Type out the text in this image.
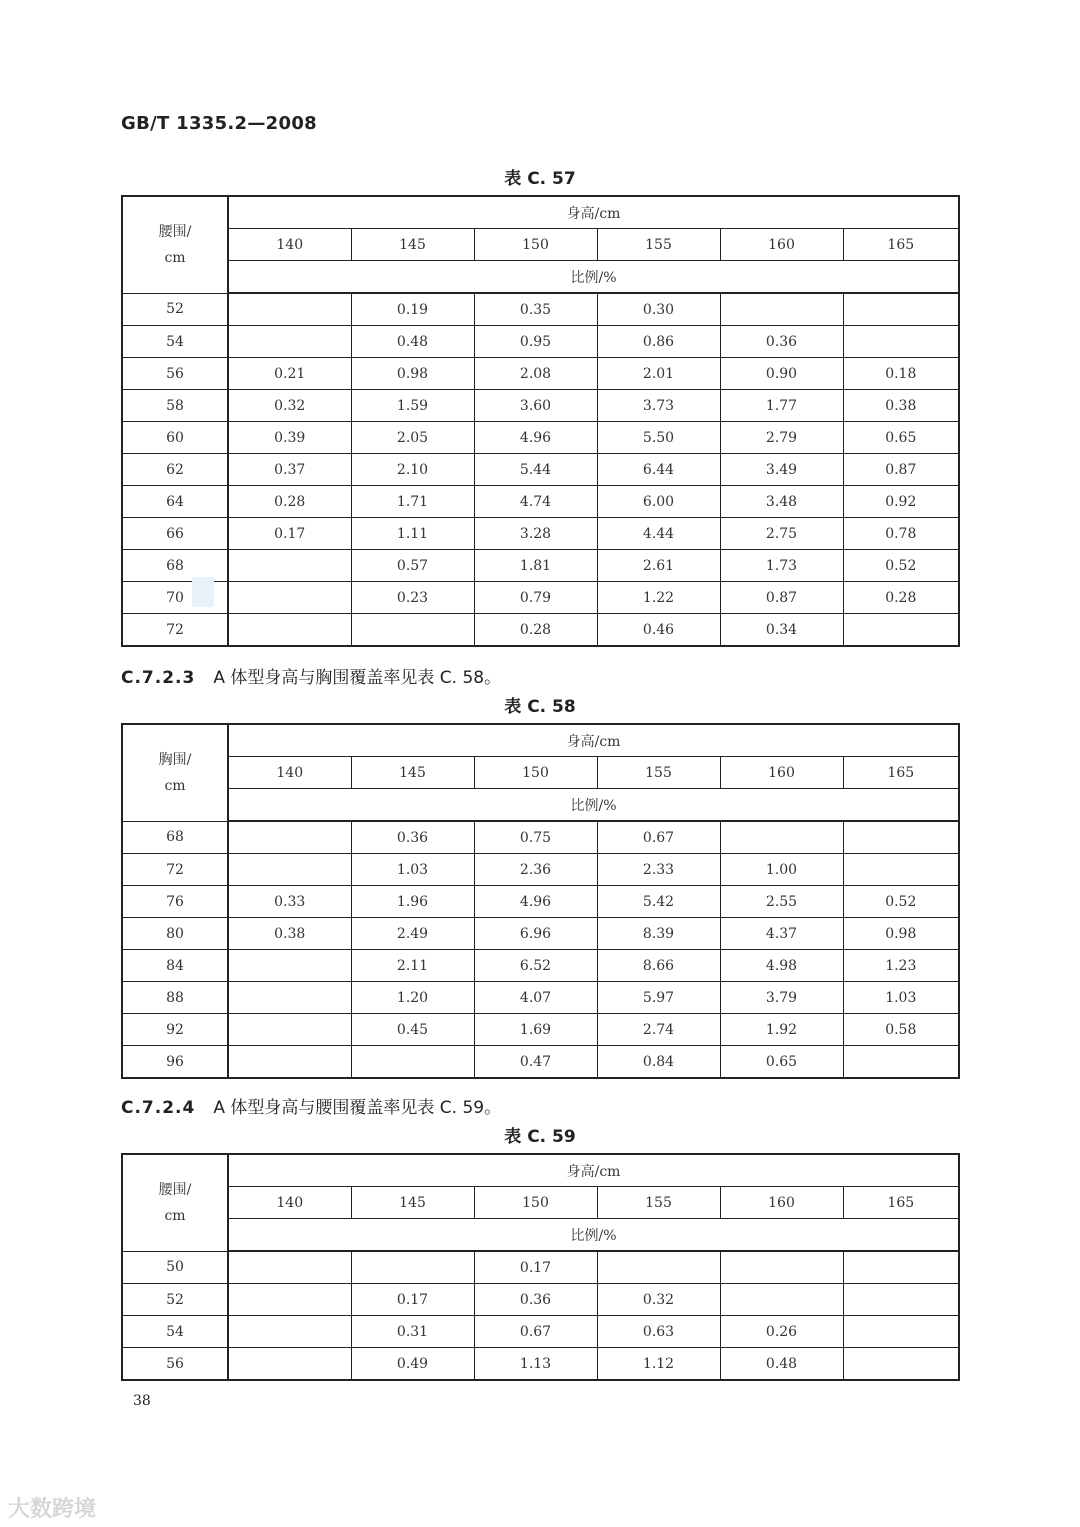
GB/T 1335.2—2008
表 C. 57
腰围/
cm	身高/cm					
	140	145	150	155	160	165
	比例/%					
52		0.19	0.35	0.30		
54		0.48	0.95	0.86	0.36	
56	0.21	0.98	2.08	2.01	0.90	0.18
58	0.32	1.59	3.60	3.73	1.77	0.38
60	0.39	2.05	4.96	5.50	2.79	0.65
62	0.37	2.10	5.44	6.44	3.49	0.87
64	0.28	1.71	4.74	6.00	3.48	0.92
66	0.17	1.11	3.28	4.44	2.75	0.78
68		0.57	1.81	2.61	1.73	0.52
70		0.23	0.79	1.22	0.87	0.28
72			0.28	0.46	0.34	
C.7.2.3 A 体型身高与胸围覆盖率见表 C. 58。
表 C. 58
胸围/
cm	身高/cm					
	140	145	150	155	160	165
	比例/%					
68		0.36	0.75	0.67		
72		1.03	2.36	2.33	1.00	
76	0.33	1.96	4.96	5.42	2.55	0.52
80	0.38	2.49	6.96	8.39	4.37	0.98
84		2.11	6.52	8.66	4.98	1.23
88		1.20	4.07	5.97	3.79	1.03
92		0.45	1.69	2.74	1.92	0.58
96			0.47	0.84	0.65	
C.7.2.4 A 体型身高与腰围覆盖率见表 C. 59。
表 C. 59
腰围/
cm	身高/cm					
	140	145	150	155	160	165
	比例/%					
50			0.17			
52		0.17	0.36	0.32		
54		0.31	0.67	0.63	0.26	
56		0.49	1.13	1.12	0.48	
38
大数跨境
